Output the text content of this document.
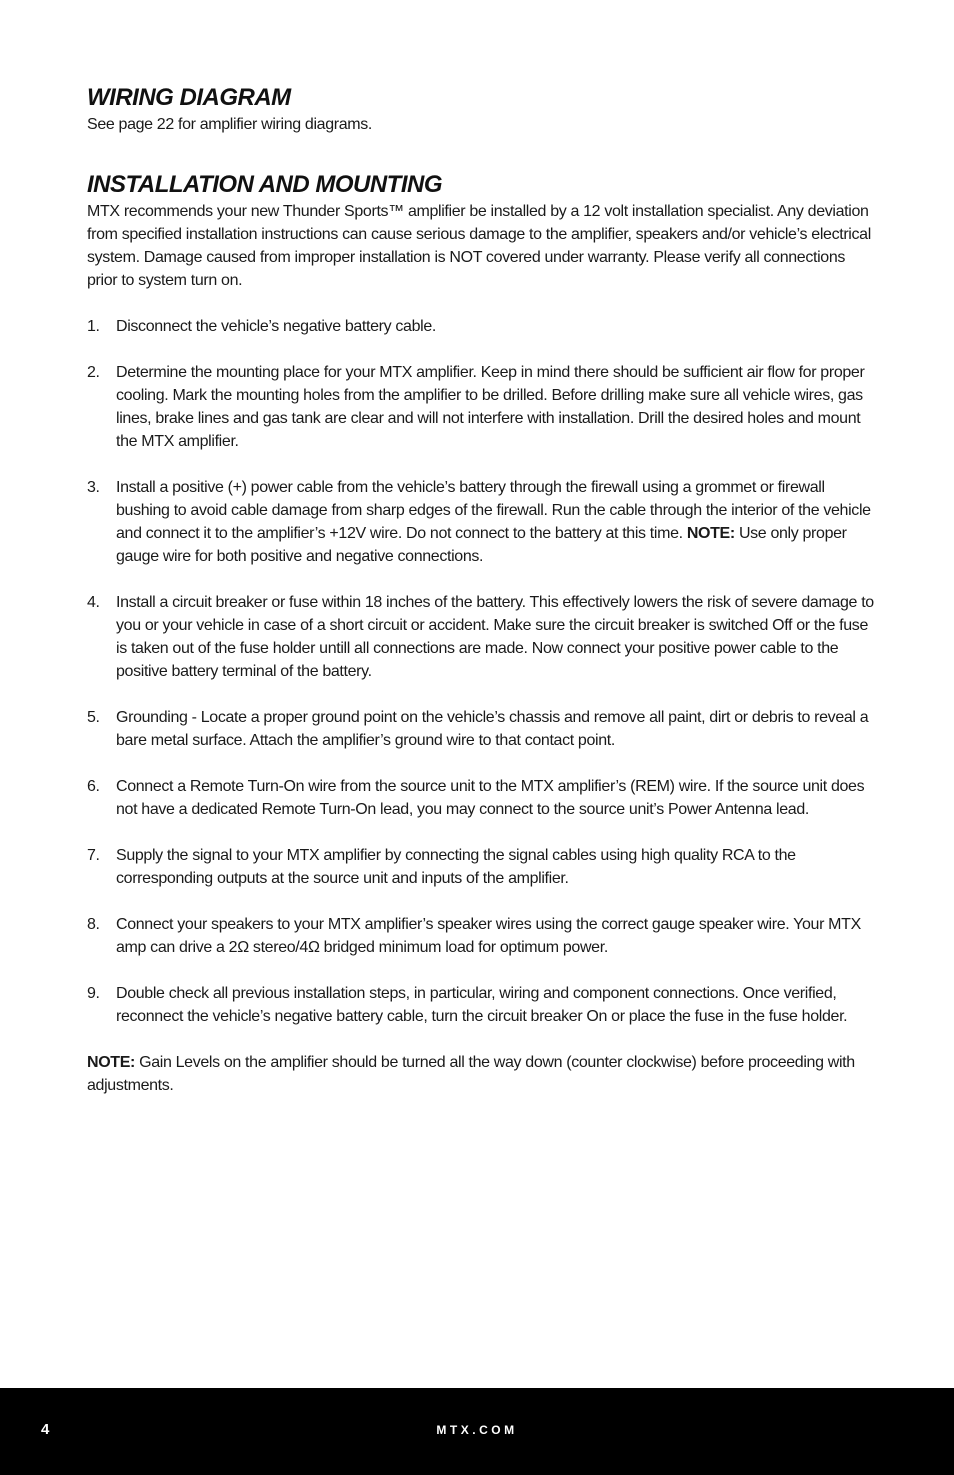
WIRING DIAGRAM

See page 22 for amplifier wiring diagrams.

INSTALLATION AND MOUNTING

MTX recommends your new Thunder Sports™ amplifier be installed by a 12 volt installation specialist. Any deviation from specified installation instructions can cause serious damage to the amplifier, speakers and/or vehicle’s electrical system. Damage caused from improper installation is NOT covered under warranty. Please verify all connections prior to system turn on.

1.	Disconnect the vehicle’s negative battery cable.
2.	Determine the mounting place for your MTX amplifier. Keep in mind there should be sufficient air flow for proper cooling. Mark the mounting holes from the amplifier to be drilled. Before drilling make sure all vehicle wires, gas lines, brake lines and gas tank are clear and will not interfere with installation. Drill the desired holes and mount the MTX amplifier.
3.	Install a positive (+) power cable from the vehicle’s battery through the firewall using a grommet or firewall bushing to avoid cable damage from sharp edges of the firewall. Run the cable through the interior of the vehicle and connect it to the amplifier’s +12V wire. Do not connect to the battery at this time. NOTE: Use only proper gauge wire for both positive and negative connections.
4.	Install a circuit breaker or fuse within 18 inches of the battery. This effectively lowers the risk of severe damage to you or your vehicle in case of a short circuit or accident. Make sure the circuit breaker is switched Off or the fuse is taken out of the fuse holder untill all connections are made. Now connect your positive power cable to the positive battery terminal of the battery.
5.	Grounding - Locate a proper ground point on the vehicle’s chassis and remove all paint, dirt or debris to reveal a bare metal surface. Attach the amplifier’s ground wire to that contact point.
6.	Connect a Remote Turn-On wire from the source unit to the MTX amplifier’s (REM) wire. If the source unit does not have a dedicated Remote Turn-On lead, you may connect to the source unit’s Power Antenna lead.
7.	Supply the signal to your MTX amplifier by connecting the signal cables using high quality RCA to the corresponding outputs at the source unit and inputs of the amplifier.
8.	Connect your speakers to your MTX amplifier’s speaker wires using the correct gauge speaker wire. Your MTX amp can drive a 2Ω stereo/4Ω bridged minimum load for optimum power.
9.	Double check all previous installation steps, in particular, wiring and component connections. Once verified, reconnect the vehicle’s negative battery cable, turn the circuit breaker On or place the fuse in the fuse holder.

NOTE: Gain Levels on the amplifier should be turned all the way down (counter clockwise) before proceeding with adjustments.

4	MTX.COM
